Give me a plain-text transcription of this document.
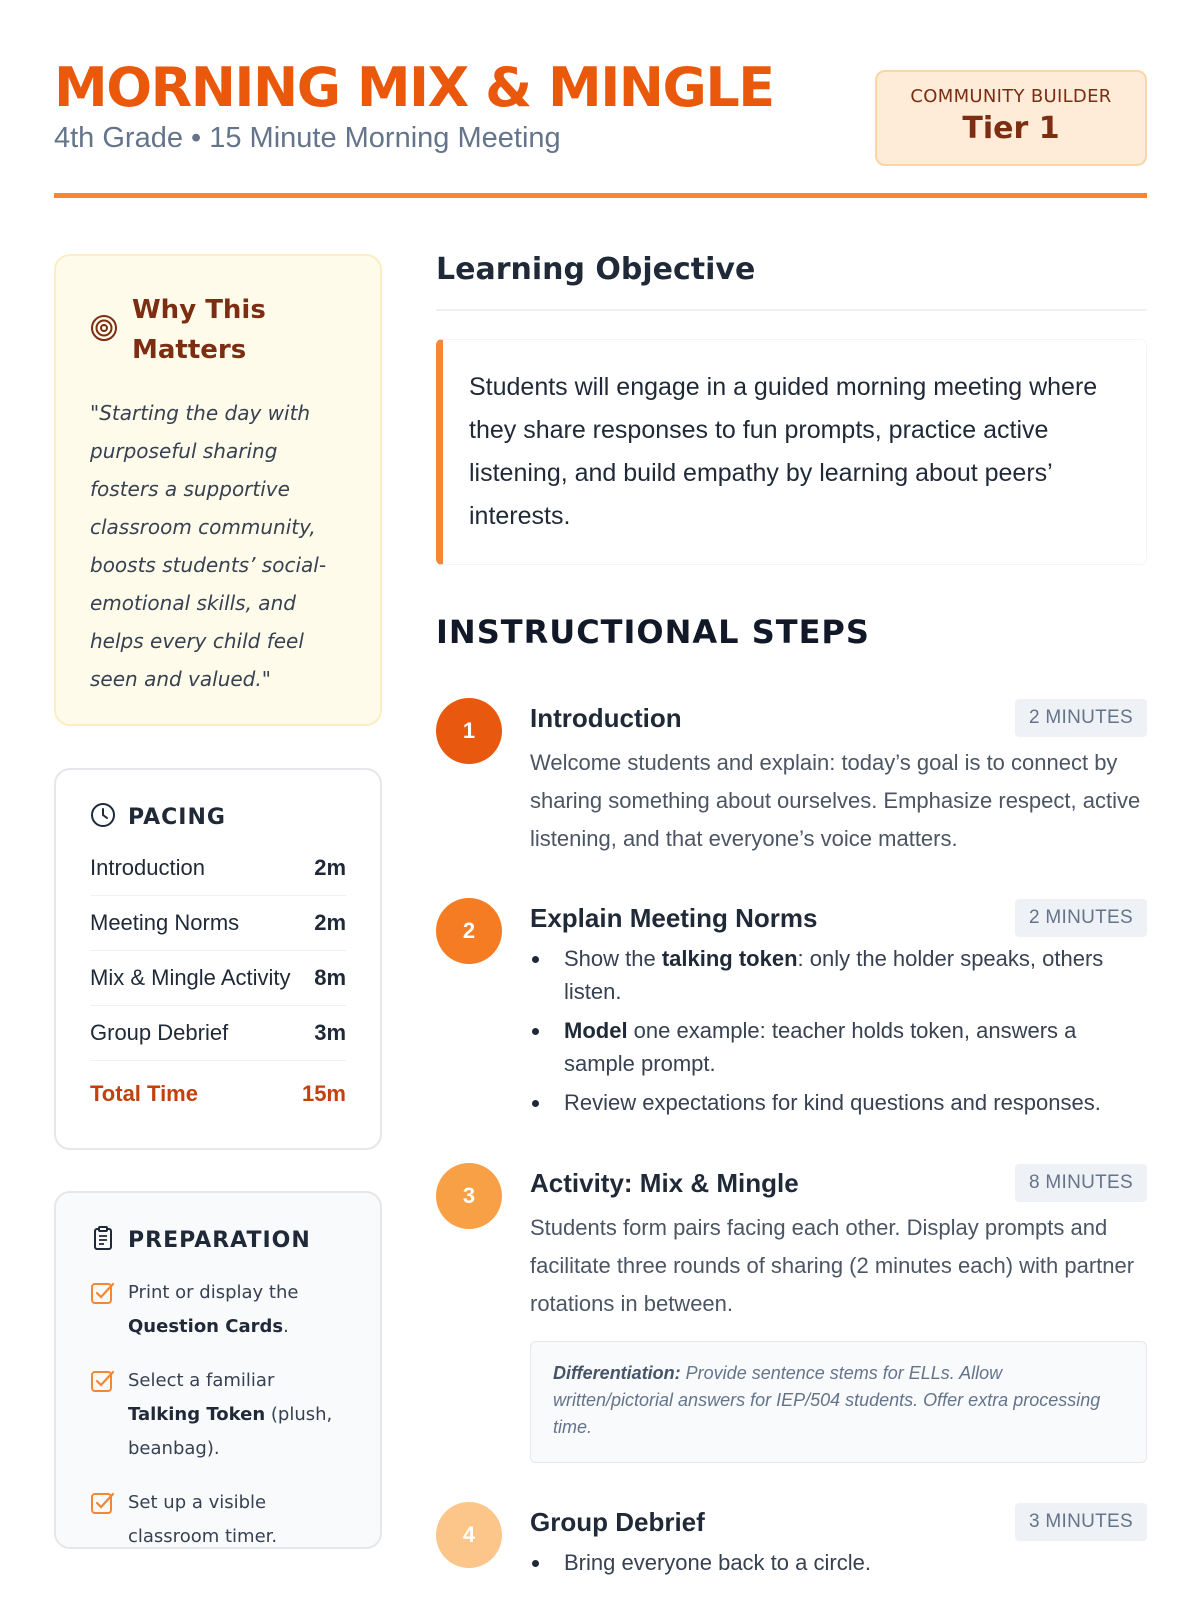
MORNING MIX & MINGLE
4th Grade • 15 Minute Morning Meeting
COMMUNITY BUILDER
Tier 1
Why This Matters
"Starting the day with purposeful sharing fosters a supportive classroom community, boosts students’ social-emotional skills, and helps every child feel seen and valued."
PACING
Introduction	2m
Meeting Norms	2m
Mix & Mingle Activity 8m
Group Debrief	3m
Total Time	15m
PREPARATION
Print or display the Question Cards.
Select a familiar Talking Token (plush, beanbag).
Set up a visible classroom timer.
Learning Objective
Students will engage in a guided morning meeting where they share responses to fun prompts, practice active listening, and build empathy by learning about peers’ interests.
INSTRUCTIONAL STEPS
1	Introduction	2 MINUTES
Welcome students and explain: today’s goal is to connect by sharing something about ourselves. Emphasize respect, active listening, and that everyone’s voice matters.
2	Explain Meeting Norms	2 MINUTES
Show the talking token: only the holder speaks, others listen.
Model one example: teacher holds token, answers a sample prompt.
Review expectations for kind questions and responses.
3	Activity: Mix & Mingle	8 MINUTES
Students form pairs facing each other. Display prompts and facilitate three rounds of sharing (2 minutes each) with partner rotations in between.
Differentiation: Provide sentence stems for ELLs. Allow written/pictorial answers for IEP/504 students. Offer extra processing time.
4	Group Debrief	3 MINUTES
Bring everyone back to a circle.
